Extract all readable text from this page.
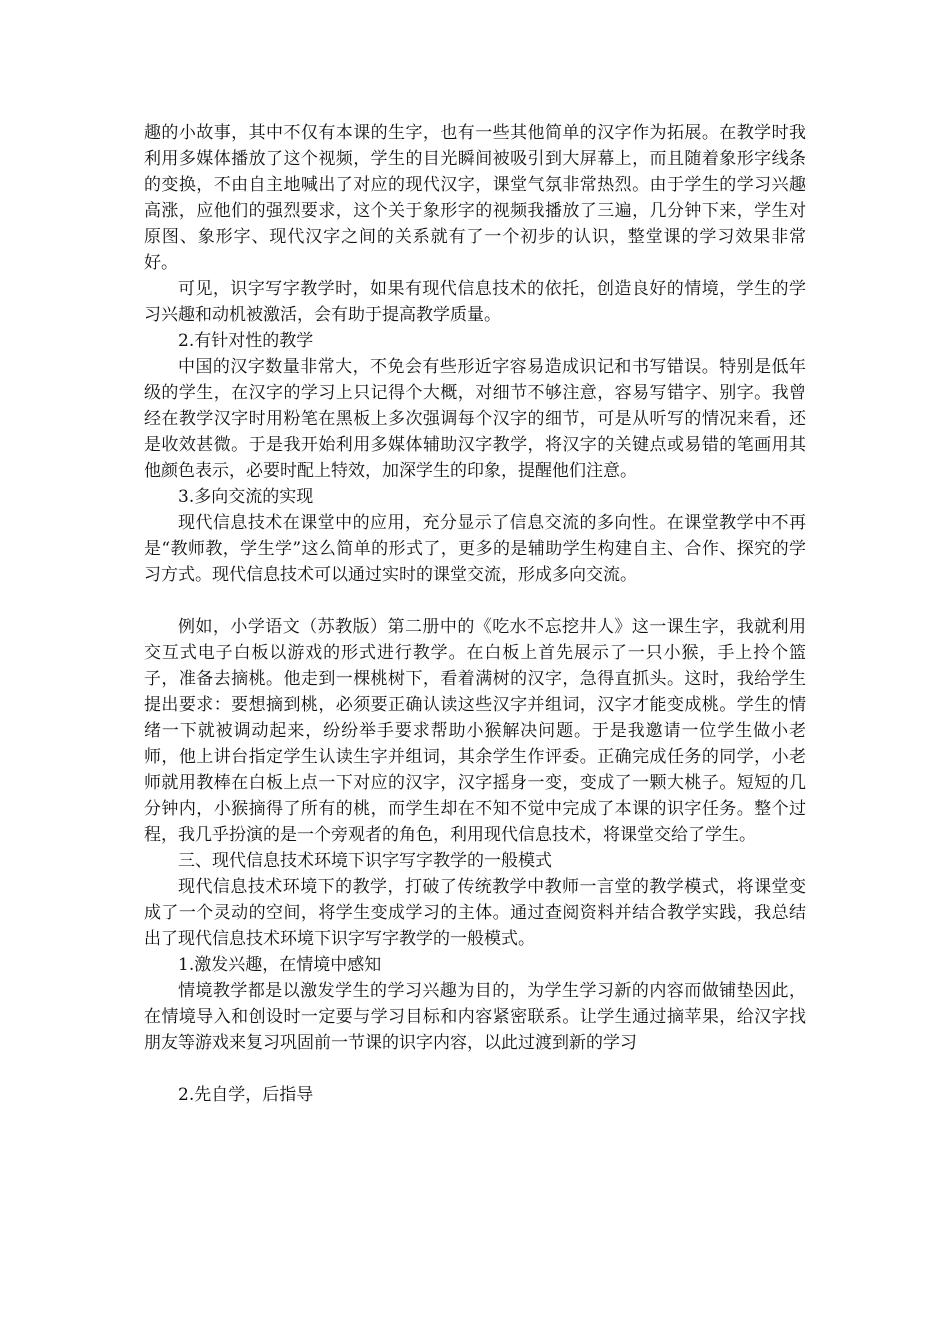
趣的小故事，其中不仅有本课的生字，也有一些其他简单的汉字作为拓展。在教学时我利用多媒体播放了这个视频，学生的目光瞬间被吸引到大屏幕上，而且随着象形字线条的变换，不由自主地喊出了对应的现代汉字，课堂气氛非常热烈。由于学生的学习兴趣高涨，应他们的强烈要求，这个关于象形字的视频我播放了三遍，几分钟下来，学生对原图、象形字、现代汉字之间的关系就有了一个初步的认识，整堂课的学习效果非常好。

可见，识字写字教学时，如果有现代信息技术的依托，创造良好的情境，学生的学习兴趣和动机被激活，会有助于提高教学质量。

2.有针对性的教学

中国的汉字数量非常大，不免会有些形近字容易造成识记和书写错误。特别是低年级的学生，在汉字的学习上只记得个大概，对细节不够注意，容易写错字、别字。我曾经在教学汉字时用粉笔在黑板上多次强调每个汉字的细节，可是从听写的情况来看，还是收效甚微。于是我开始利用多媒体辅助汉字教学，将汉字的关键点或易错的笔画用其他颜色表示，必要时配上特效，加深学生的印象，提醒他们注意。

3.多向交流的实现

现代信息技术在课堂中的应用，充分显示了信息交流的多向性。在课堂教学中不再是“教师教，学生学”这么简单的形式了，更多的是辅助学生构建自主、合作、探究的学习方式。现代信息技术可以通过实时的课堂交流，形成多向交流。

例如，小学语文（苏教版）第二册中的《吃水不忘挖井人》这一课生字，我就利用交互式电子白板以游戏的形式进行教学。在白板上首先展示了一只小猴，手上拎个篮子，准备去摘桃。他走到一棵桃树下，看着满树的汉字，急得直抓头。这时，我给学生提出要求：要想摘到桃，必须要正确认读这些汉字并组词，汉字才能变成桃。学生的情绪一下就被调动起来，纷纷举手要求帮助小猴解决问题。于是我邀请一位学生做小老师，他上讲台指定学生认读生字并组词，其余学生作评委。正确完成任务的同学，小老师就用教棒在白板上点一下对应的汉字，汉字摇身一变，变成了一颗大桃子。短短的几分钟内，小猴摘得了所有的桃，而学生却在不知不觉中完成了本课的识字任务。整个过程，我几乎扮演的是一个旁观者的角色，利用现代信息技术，将课堂交给了学生。

三、现代信息技术环境下识字写字教学的一般模式

现代信息技术环境下的教学，打破了传统教学中教师一言堂的教学模式，将课堂变成了一个灵动的空间，将学生变成学习的主体。通过查阅资料并结合教学实践，我总结出了现代信息技术环境下识字写字教学的一般模式。

1.激发兴趣，在情境中感知

情境教学都是以激发学生的学习兴趣为目的，为学生学习新的内容而做铺垫因此，在情境导入和创设时一定要与学习目标和内容紧密联系。让学生通过摘苹果，给汉字找朋友等游戏来复习巩固前一节课的识字内容，以此过渡到新的学习

2.先自学，后指导
